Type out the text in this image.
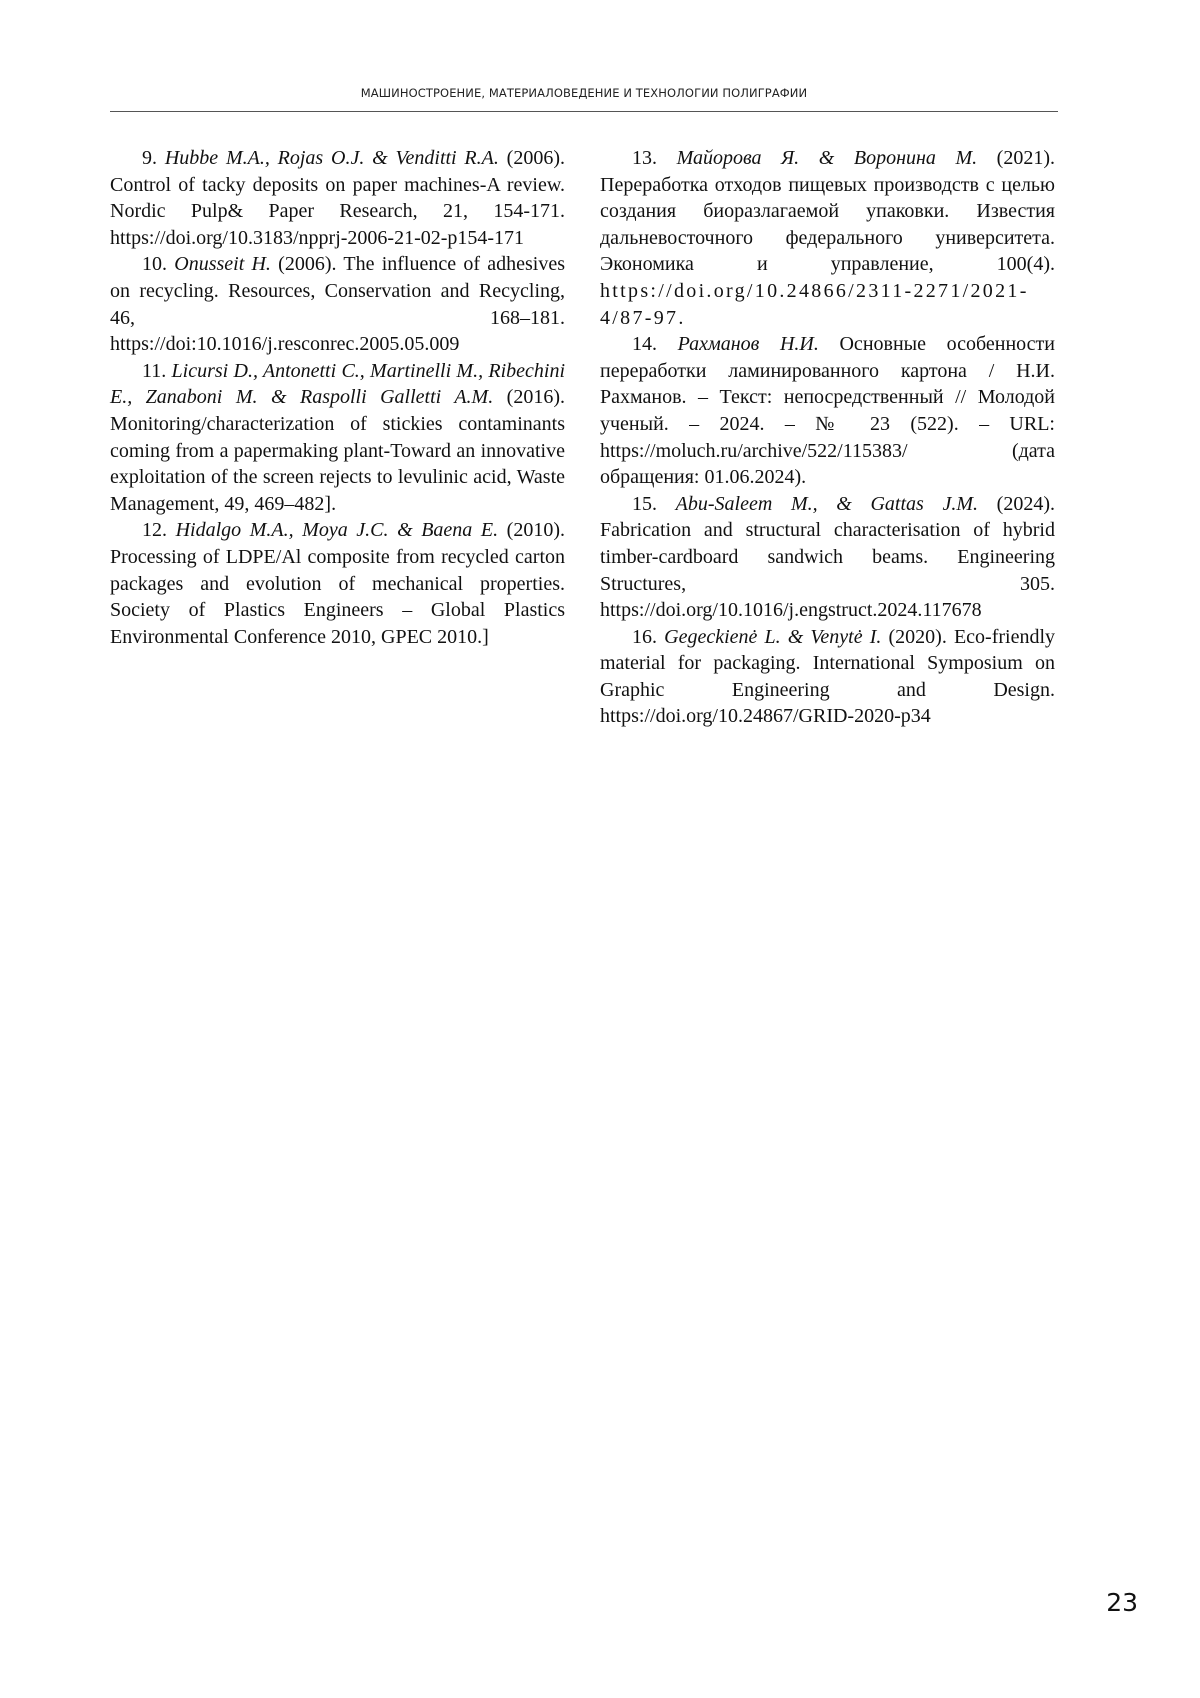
МАШИНОСТРОЕНИЕ, МАТЕРИАЛОВЕДЕНИЕ И ТЕХНОЛОГИИ ПОЛИГРАФИИ

9. Hubbe M.A., Rojas O.J. & Venditti R.A. (2006). Control of tacky deposits on paper machines-A review. Nordic Pulp& Paper Research, 21, 154-171. https://doi.org/10.3183/npprj-2006-21-02-p154-171

10. Onusseit H. (2006). The influence of adhesives on recycling. Resources, Conservation and Recycling, 46, 168–181. https://doi:10.1016/j.resconrec.2005.05.009

11. Licursi D., Antonetti C., Martinelli M., Ribechini E., Zanaboni M. & Raspolli Galletti A.M. (2016). Monitoring/characterization of stickies contaminants coming from a papermaking plant-Toward an innovative exploitation of the screen rejects to levulinic acid, Waste Management, 49, 469–482].

12. Hidalgo M.A., Moya J.C. & Baena E. (2010). Processing of LDPE/Al composite from recycled carton packages and evolution of mechanical properties. Society of Plastics Engineers – Global Plastics Environmental Conference 2010, GPEC 2010.]

13. Майорова Я. & Воронина М. (2021). Переработка отходов пищевых производств с целью создания биоразлагаемой упаковки. Известия дальневосточного федерального университета. Экономика и управление, 100(4). https://doi.org/10.24866/2311-2271/2021-4/87-97.

14. Рахманов Н.И. Основные особенности переработки ламинированного картона / Н.И. Рахманов. – Текст: непосредственный // Молодой ученый. – 2024. – № 23 (522). – URL: https://moluch.ru/archive/522/115383/ (дата обращения: 01.06.2024).

15. Abu-Saleem M., & Gattas J.M. (2024). Fabrication and structural characterisation of hybrid timber-cardboard sandwich beams. Engineering Structures, 305. https://doi.org/10.1016/j.engstruct.2024.117678

16. Gegeckienė L. & Venytė I. (2020). Eco-friendly material for packaging. International Symposium on Graphic Engineering and Design. https://doi.org/10.24867/GRID-2020-p34

23
